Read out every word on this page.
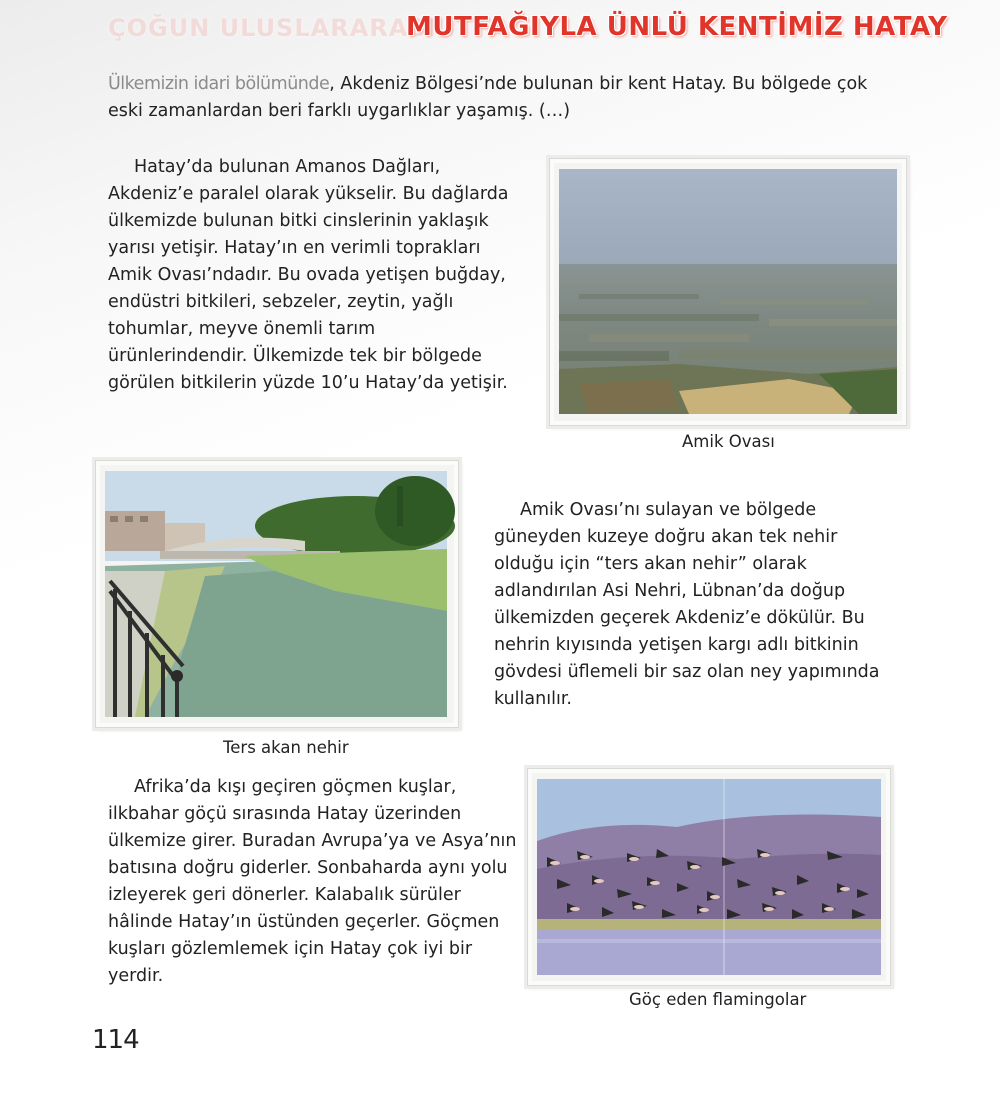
ÇOĞUN ULUSLARARASI
MUTFAĞIYLA ÜNLÜ KENTİMİZ HATAY

Ülkemizin idari bölümünde, Akdeniz Bölgesi’nde bulunan bir kent Hatay. Bu bölgede çok eski zamanlardan beri farklı uygarlıklar yaşamış. (…)

Hatay’da bulunan Amanos Dağları, Akdeniz’e paralel olarak yükselir. Bu dağlarda ülkemizde bulunan bitki cinslerinin yaklaşık yarısı yetişir. Hatay’ın en verimli toprakları Amik Ovası’ndadır. Bu ovada yetişen buğday, endüstri bitkileri, sebzeler, zeytin, yağlı tohumlar, meyve önemli tarım ürünlerindendir. Ülkemizde tek bir bölgede görülen bitkilerin yüzde 10’u Hatay’da yetişir.

Amik Ovası
Ters akan nehir

Amik Ovası’nı sulayan ve bölgede güneyden kuzeye doğru akan tek nehir olduğu için “ters akan nehir” olarak adlandırılan Asi Nehri, Lübnan’da doğup ülkemizden geçerek Akdeniz’e dökülür. Bu nehrin kıyısında yetişen kargı adlı bitkinin gövdesi üflemeli bir saz olan ney yapımında kullanılır.

Afrika’da kışı geçiren göçmen kuşlar, ilkbahar göçü sırasında Hatay üzerinden ülkemize girer. Buradan Avrupa’ya ve Asya’nın batısına doğru giderler. Sonbaharda aynı yolu izleyerek geri dönerler. Kalabalık sürüler hâlinde Hatay’ın üstünden geçerler. Göçmen kuşları gözlemlemek için Hatay çok iyi bir yerdir.

Göç eden flamingolar
114
